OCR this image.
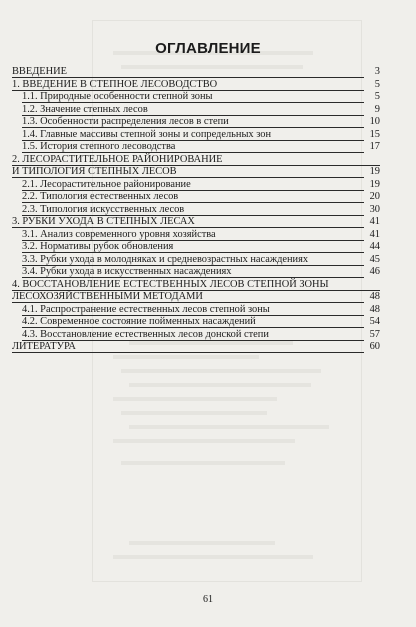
ОГЛАВЛЕНИЕ
ВВЕДЕНИЕ	3
1. ВВЕДЕНИЕ В СТЕПНОЕ ЛЕСОВОДСТВО	5
1.1. Природные особенности степной зоны	5
1.2. Значение степных лесов	9
1.3. Особенности распределения лесов в степи	10
1.4. Главные массивы степной зоны и сопредельных зон	15
1.5. История степного лесоводства	17
2. ЛЕСОРАСТИТЕЛЬНОЕ РАЙОНИРОВАНИЕ
И ТИПОЛОГИЯ СТЕПНЫХ ЛЕСОВ	19
2.1. Лесорастительное районирование	19
2.2. Типология естественных лесов	20
2.3. Типология искусственных лесов	30
3. РУБКИ УХОДА В СТЕПНЫХ ЛЕСАХ	41
3.1. Анализ современного уровня хозяйства	41
3.2. Нормативы рубок обновления	44
3.3. Рубки ухода в молодняках и средневозрастных насаждениях	45
3.4. Рубки ухода в искусственных насаждениях	46
4. ВОССТАНОВЛЕНИЕ ЕСТЕСТВЕННЫХ ЛЕСОВ СТЕПНОЙ ЗОНЫ
ЛЕСОХОЗЯЙСТВЕННЫМИ МЕТОДАМИ	48
4.1. Распространение естественных лесов степной зоны	48
4.2. Современное состояние пойменных насаждений	54
4.3. Восстановление естественных лесов донской степи	57
ЛИТЕРАТУРА	60
61
